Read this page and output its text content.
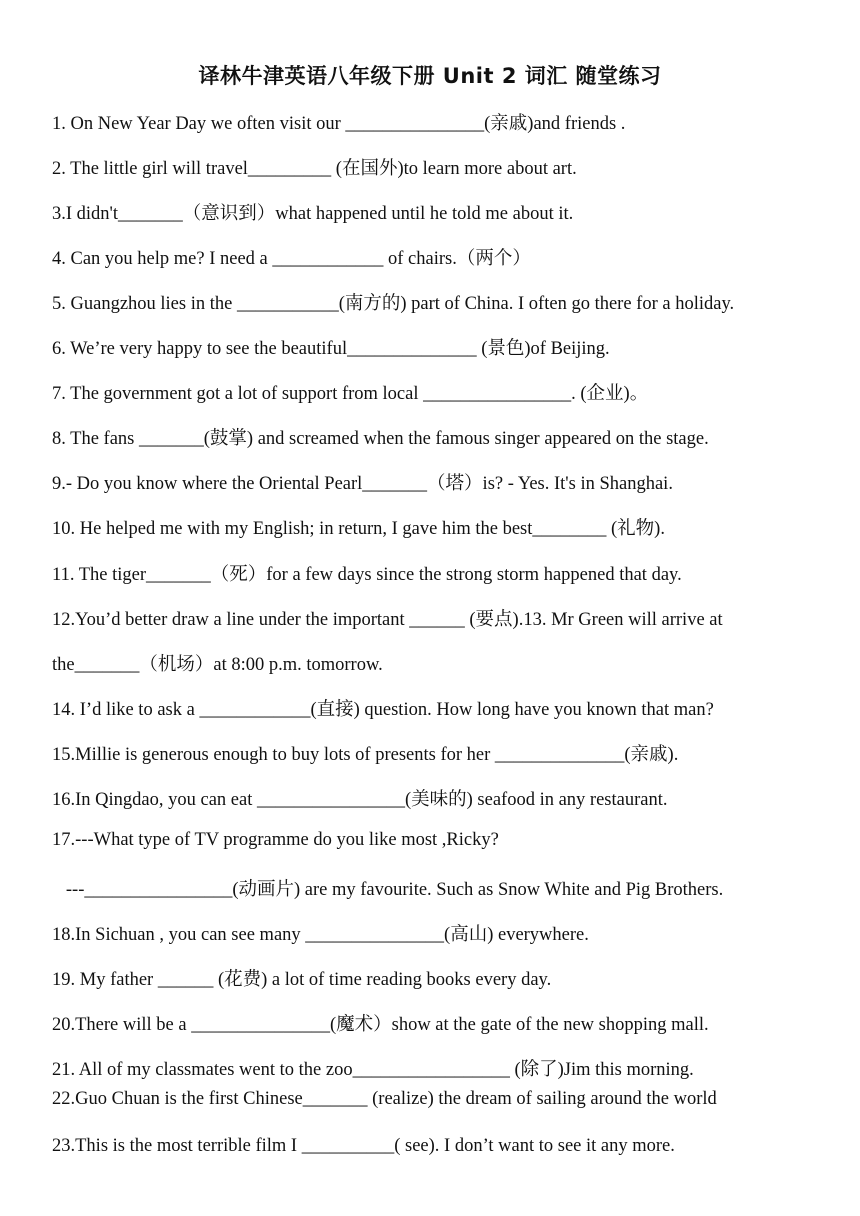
译林牛津英语八年级下册 Unit 2 词汇 随堂练习
1. On New Year Day we often visit our _______________(亲戚)and friends .
2. The little girl will travel_________ (在国外)to learn more about art.
3.I didn't_______（意识到）what happened until he told me about it.
4. Can you help me? I need a ____________ of chairs.（两个）
5. Guangzhou lies in the ___________(南方的) part of China. I often go there for a holiday.
6. We’re very happy to see the beautiful______________ (景色)of Beijing.
7. The government got a lot of support from local ________________. (企业)。
8. The fans _______(鼓掌) and screamed when the famous singer appeared on the stage.
9.- Do you know where the Oriental Pearl_______（塔）is? - Yes. It's in Shanghai.
10. He helped me with my English; in return, I gave him the best________ (礼物).
11. The tiger_______（死）for a few days since the strong storm happened that day.
12.You’d better draw a line under the important ______ (要点).13. Mr Green will arrive at
the_______（机场）at 8:00 p.m. tomorrow.
14. I’d like to ask a ____________(直接) question. How long have you known that man?
15.Millie is generous enough to buy lots of presents for her ______________(亲戚).
16.In Qingdao, you can eat ________________(美味的) seafood in any restaurant.
17.---What type of TV programme do you like most ,Ricky?
---________________(动画片) are my favourite. Such as Snow White and Pig Brothers.
18.In Sichuan , you can see many _______________(高山) everywhere.
19. My father ______ (花费) a lot of time reading books every day.
20.There will be a _______________(魔术）show at the gate of the new shopping mall.
21. All of my classmates went to the zoo_________________ (除了)Jim this morning.
22.Guo Chuan is the first Chinese_______ (realize) the dream of sailing around the world
23.This is the most terrible film I __________( see). I don’t want to see it any more.
